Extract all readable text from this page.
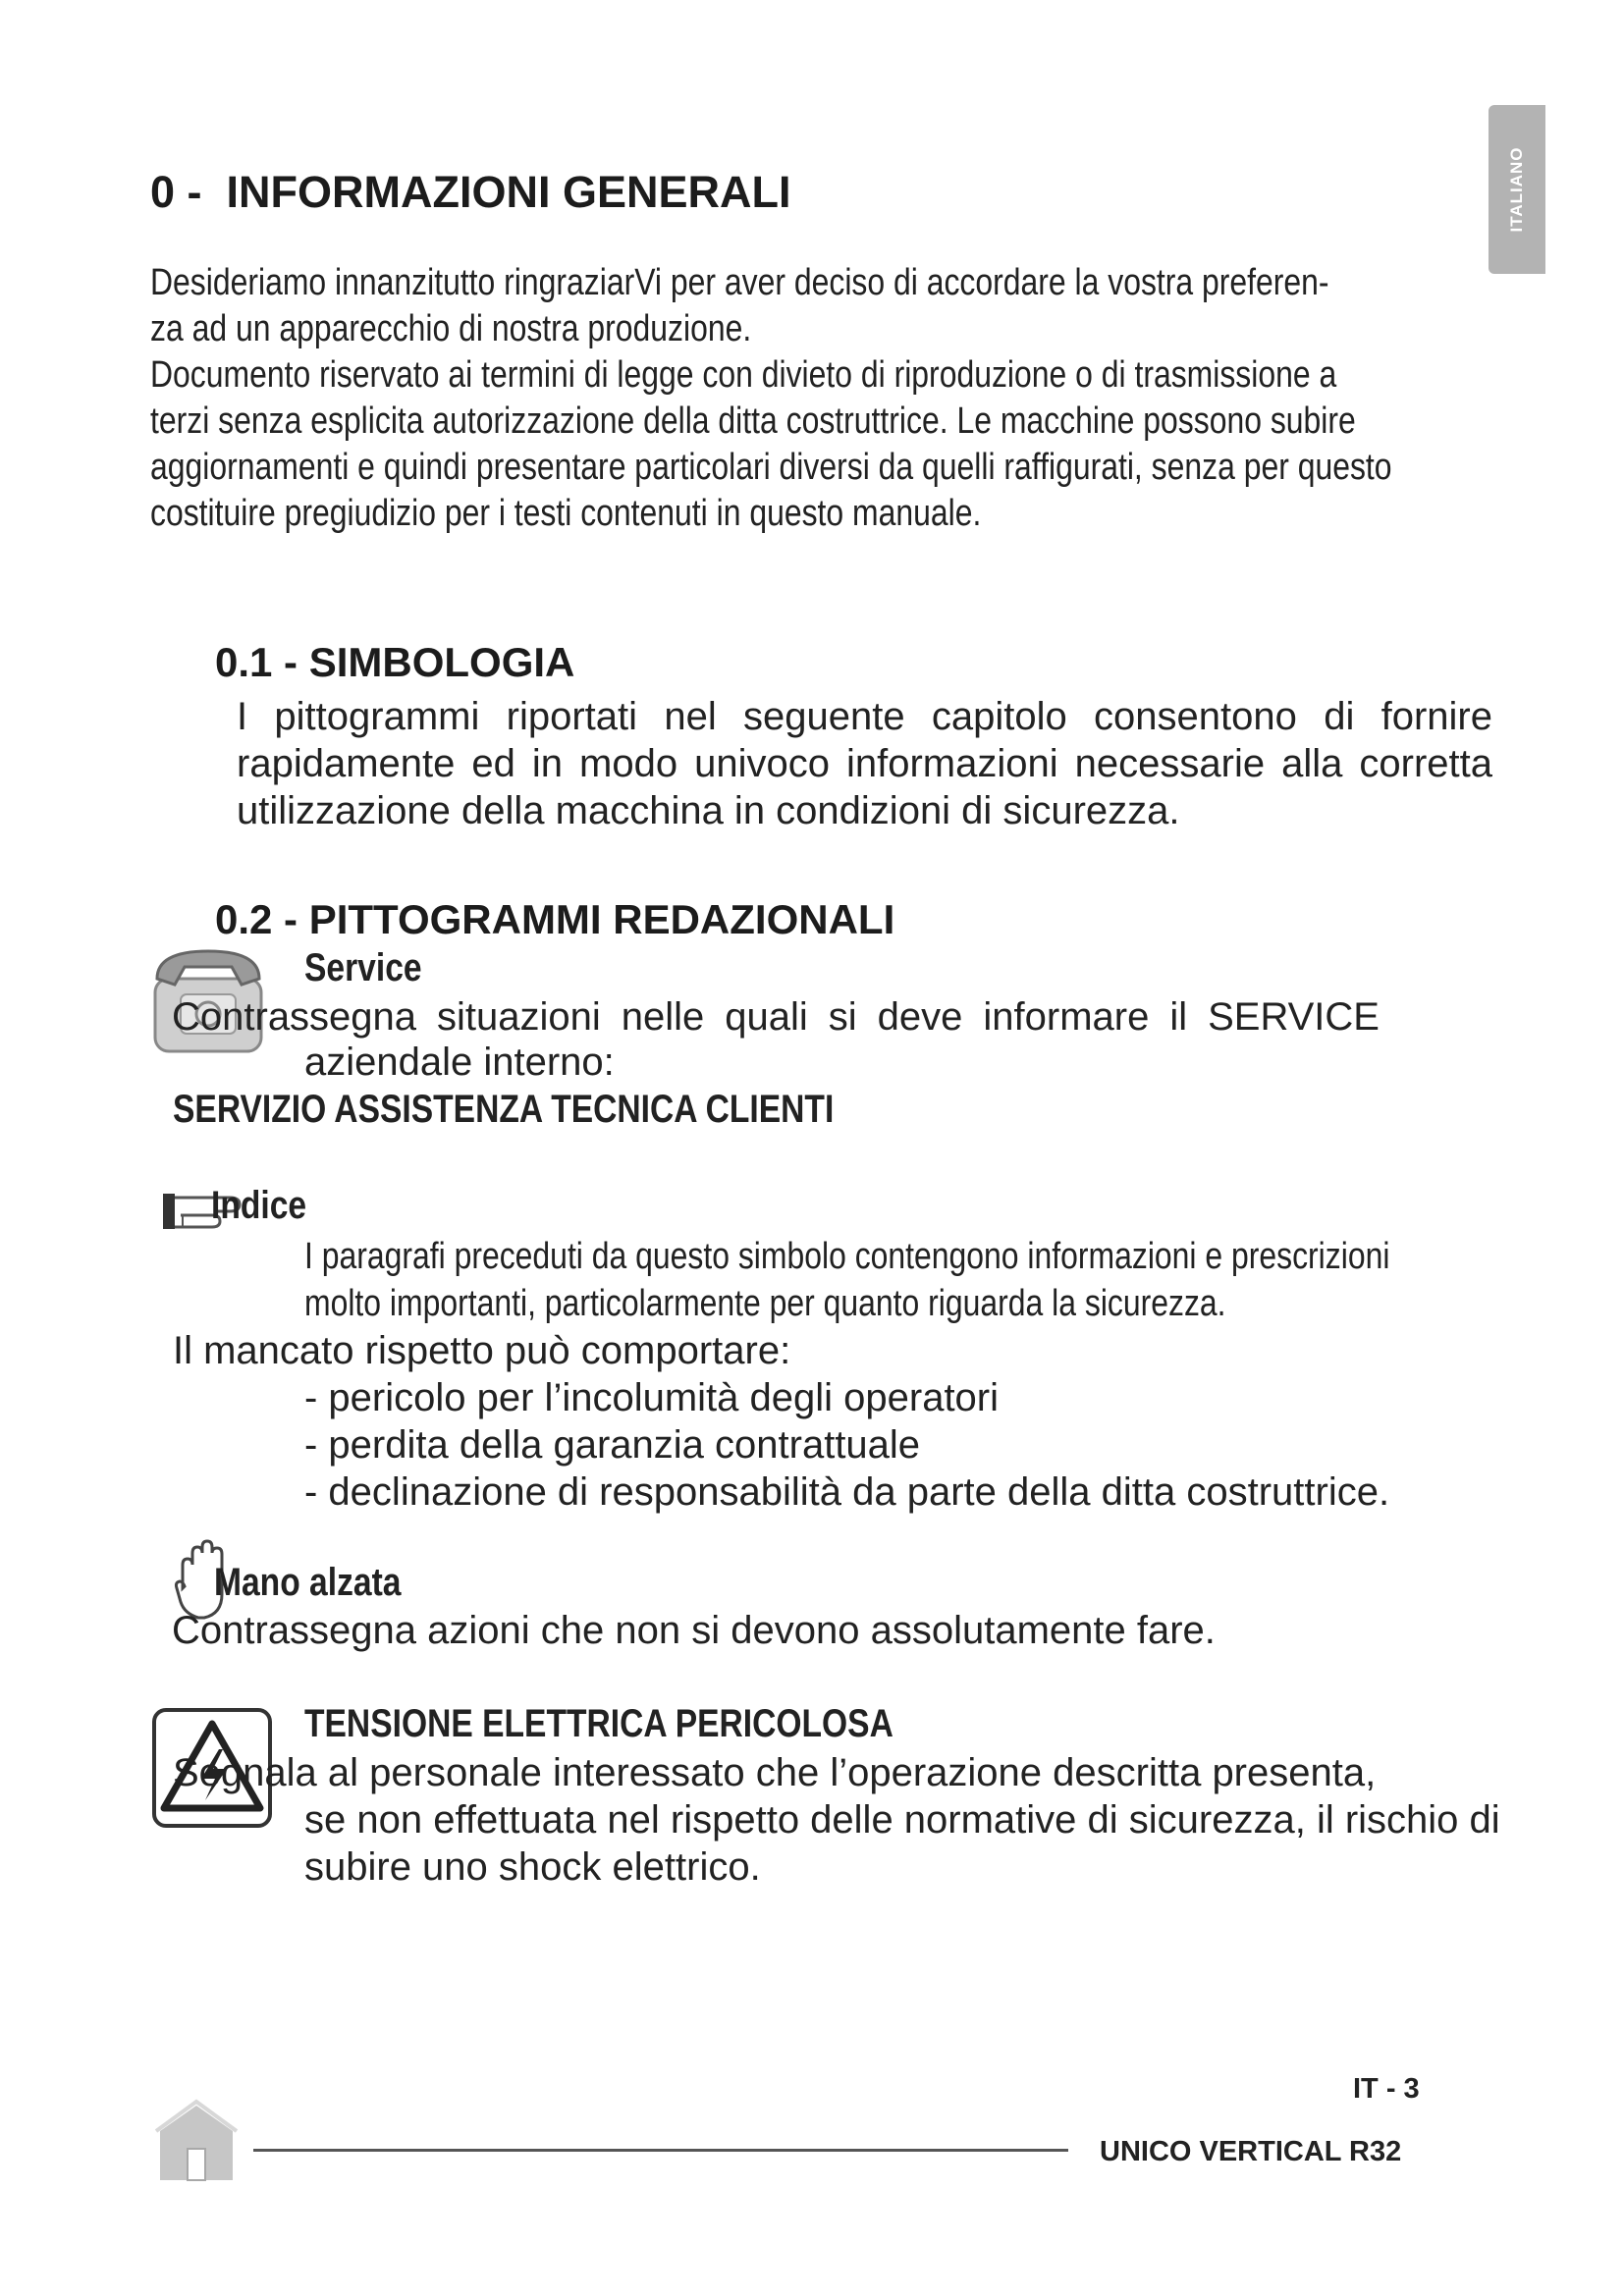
ITALIANO
0 - INFORMAZIONI GENERALI
Desideriamo innanzitutto ringraziarVi per aver deciso di accordare la vostra preferen-
za ad un apparecchio di nostra produzione.
Documento riservato ai termini di legge con divieto di riproduzione o di trasmissione a
terzi senza esplicita autorizzazione della ditta costruttrice. Le macchine possono subire
aggiornamenti e quindi presentare particolari diversi da quelli raffigurati, senza per questo
costituire pregiudizio per i testi contenuti in questo manuale.
0.1 - SIMBOLOGIA
I pittogrammi riportati nel seguente capitolo consentono di fornire
rapidamente ed in modo univoco informazioni necessarie alla corretta
utilizzazione della macchina in condizioni di sicurezza.
0.2 - PITTOGRAMMI REDAZIONALI
Service
Contrassegna situazioni nelle quali si deve informare il SERVICE
aziendale interno:
SERVIZIO ASSISTENZA TECNICA CLIENTI
Indice
I paragrafi preceduti da questo simbolo contengono informazioni e prescrizioni
molto importanti, particolarmente per quanto riguarda la sicurezza.
Il mancato rispetto può comportare:
- pericolo per l’incolumità degli operatori
- perdita della garanzia contrattuale
- declinazione di responsabilità da parte della ditta costruttrice.
Mano alzata
Contrassegna azioni che non si devono assolutamente fare.
TENSIONE ELETTRICA PERICOLOSA
Segnala al personale interessato che l’operazione descritta presenta,
se non effettuata nel rispetto delle normative di sicurezza, il rischio di
subire uno shock elettrico.
IT - 3
UNICO VERTICAL R32
